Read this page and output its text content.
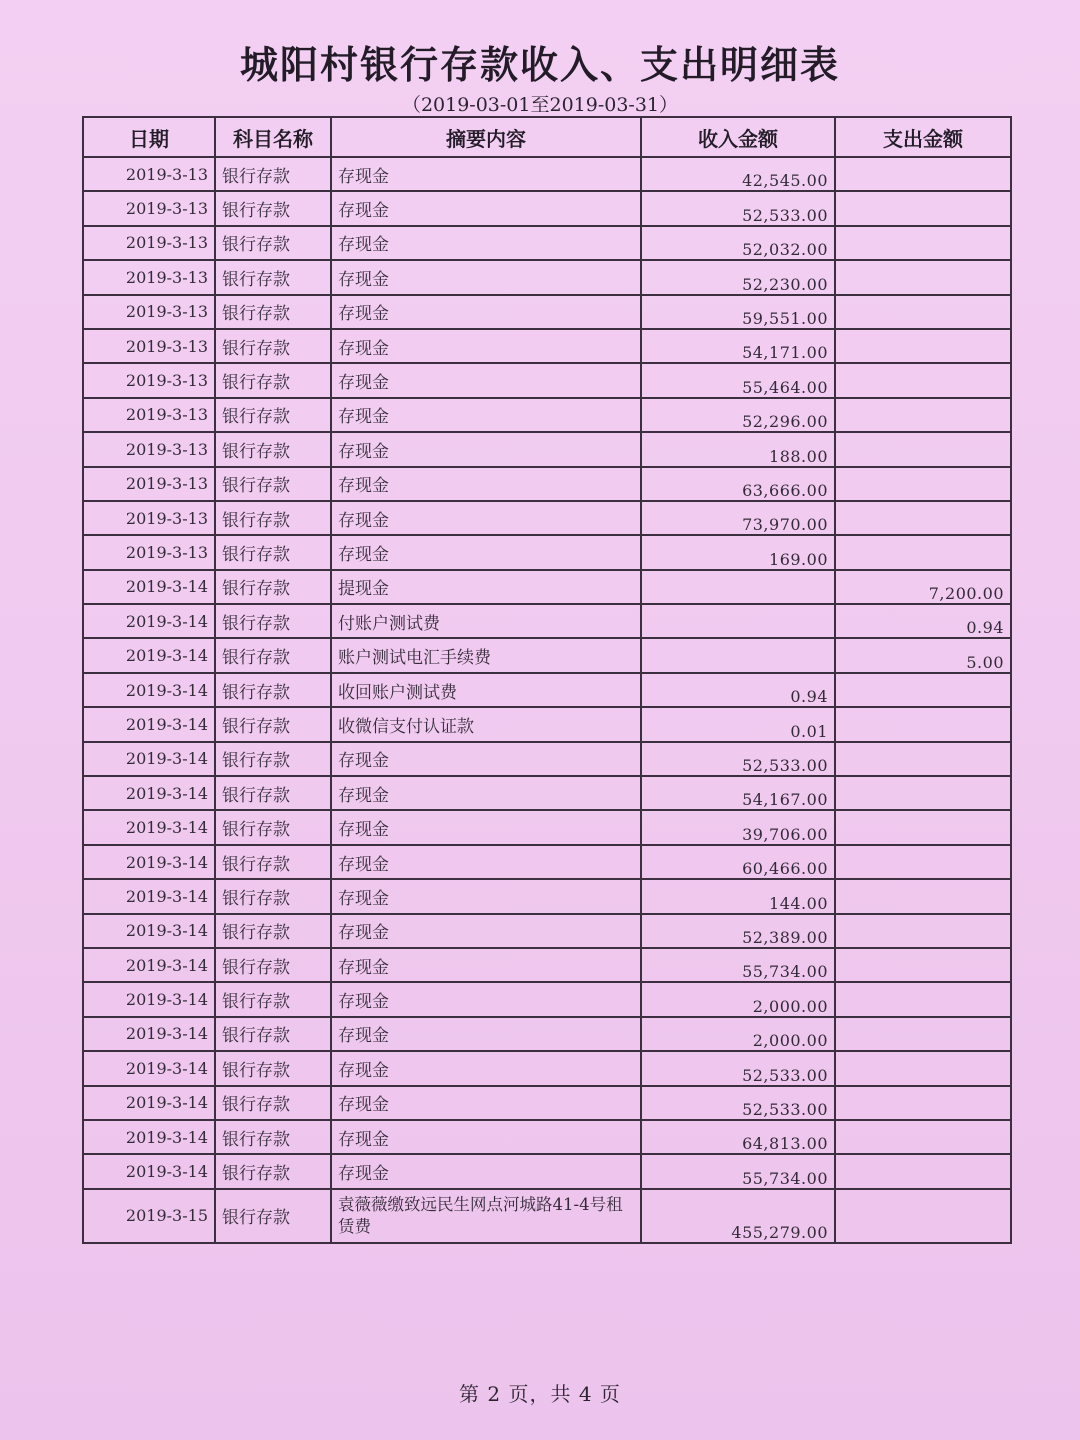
城阳村银行存款收入、支出明细表
（2019-03-01至2019-03-31）
日期	科目名称	摘要内容	收入金额	支出金额
2019-3-13	银行存款	存现金	42,545.00	
2019-3-13	银行存款	存现金	52,533.00	
2019-3-13	银行存款	存现金	52,032.00	
2019-3-13	银行存款	存现金	52,230.00	
2019-3-13	银行存款	存现金	59,551.00	
2019-3-13	银行存款	存现金	54,171.00	
2019-3-13	银行存款	存现金	55,464.00	
2019-3-13	银行存款	存现金	52,296.00	
2019-3-13	银行存款	存现金	188.00	
2019-3-13	银行存款	存现金	63,666.00	
2019-3-13	银行存款	存现金	73,970.00	
2019-3-13	银行存款	存现金	169.00	
2019-3-14	银行存款	提现金		7,200.00
2019-3-14	银行存款	付账户测试费		0.94
2019-3-14	银行存款	账户测试电汇手续费		5.00
2019-3-14	银行存款	收回账户测试费	0.94	
2019-3-14	银行存款	收微信支付认证款	0.01	
2019-3-14	银行存款	存现金	52,533.00	
2019-3-14	银行存款	存现金	54,167.00	
2019-3-14	银行存款	存现金	39,706.00	
2019-3-14	银行存款	存现金	60,466.00	
2019-3-14	银行存款	存现金	144.00	
2019-3-14	银行存款	存现金	52,389.00	
2019-3-14	银行存款	存现金	55,734.00	
2019-3-14	银行存款	存现金	2,000.00	
2019-3-14	银行存款	存现金	2,000.00	
2019-3-14	银行存款	存现金	52,533.00	
2019-3-14	银行存款	存现金	52,533.00	
2019-3-14	银行存款	存现金	64,813.00	
2019-3-14	银行存款	存现金	55,734.00	
2019-3-15	银行存款	袁薇薇缴致远民生网点河城路41-4号租赁费	455,279.00	
第 2 页，共 4 页
